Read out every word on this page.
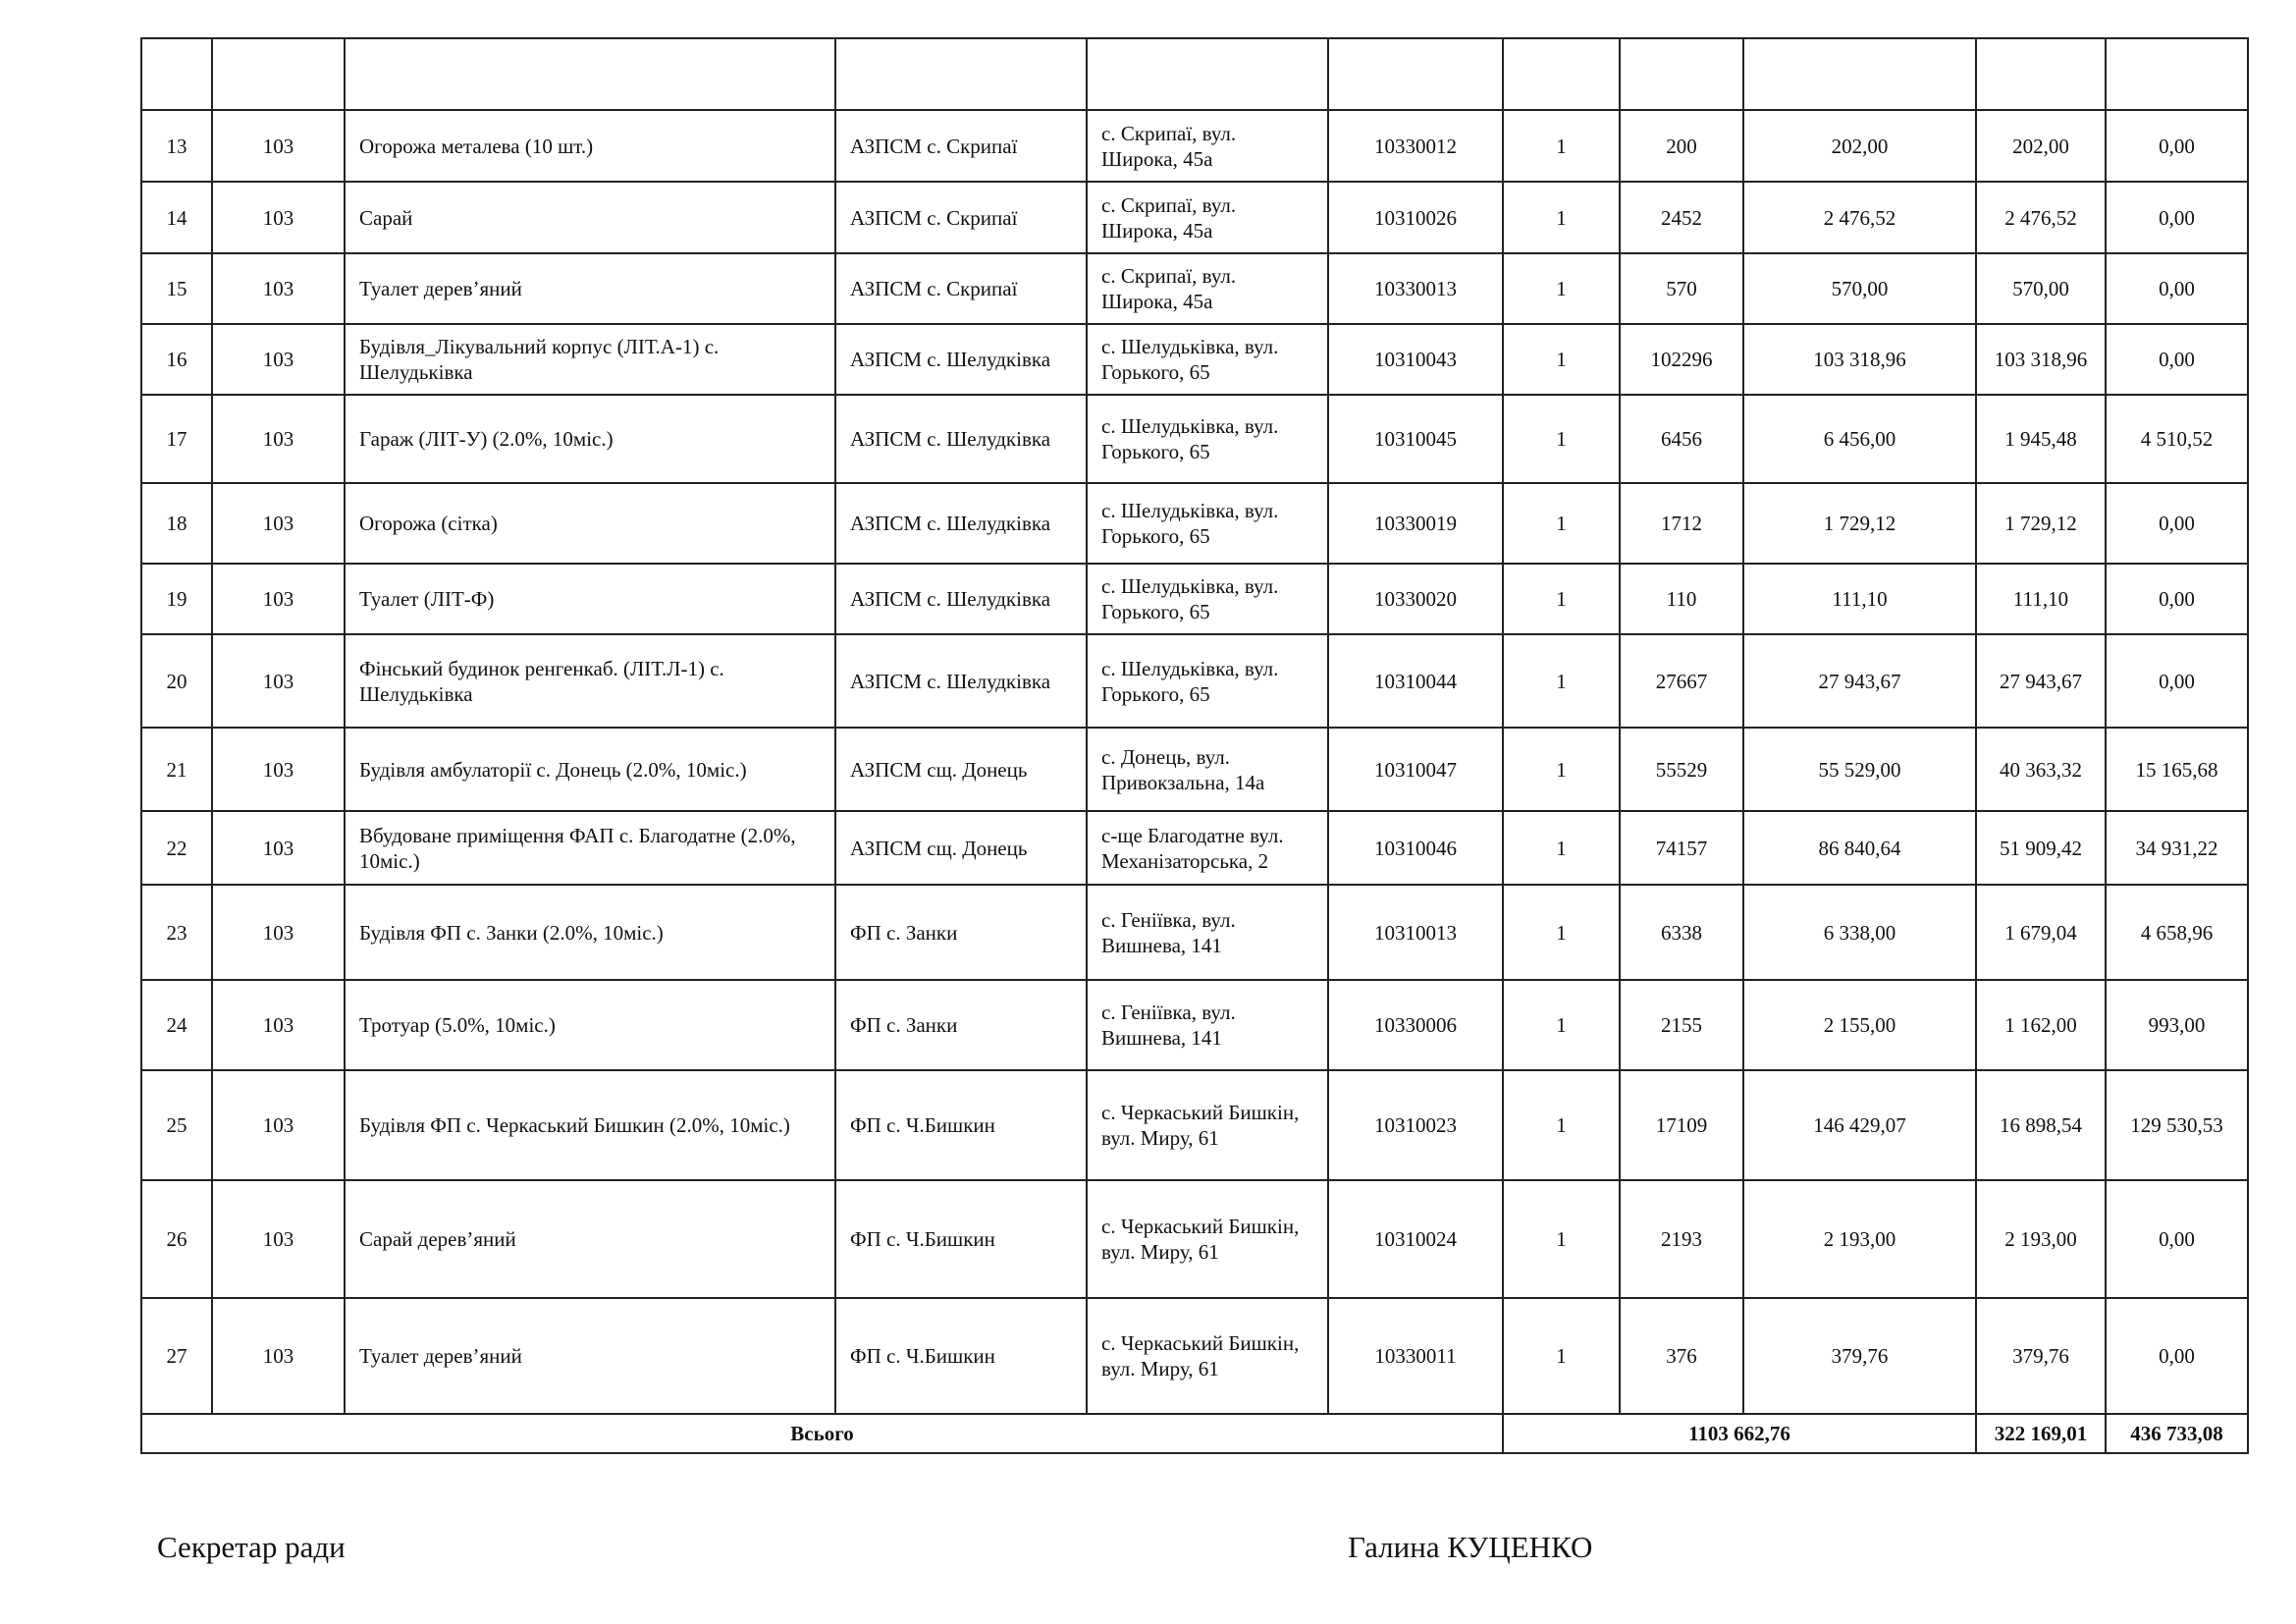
13	103	Огорожа металева (10 шт.)	АЗПСМ с. Скрипаї	с. Скрипаї, вул. Широка, 45а	10330012	1	200	202,00	202,00	0,00
14	103	Сарай	АЗПСМ с. Скрипаї	с. Скрипаї, вул. Широка, 45а	10310026	1	2452	2 476,52	2 476,52	0,00
15	103	Туалет дерев’яний	АЗПСМ с. Скрипаї	с. Скрипаї, вул. Широка, 45а	10330013	1	570	570,00	570,00	0,00
16	103	Будівля_Лікувальний корпус (ЛІТ.А-1) с. Шелудьківка	АЗПСМ с. Шелудківка	с. Шелудьківка, вул. Горького, 65	10310043	1	102296	103 318,96	103 318,96	0,00
17	103	Гараж (ЛІТ-У) (2.0%, 10міс.)	АЗПСМ с. Шелудківка	с. Шелудьківка, вул. Горького, 65	10310045	1	6456	6 456,00	1 945,48	4 510,52
18	103	Огорожа (сітка)	АЗПСМ с. Шелудківка	с. Шелудьківка, вул. Горького, 65	10330019	1	1712	1 729,12	1 729,12	0,00
19	103	Туалет (ЛІТ-Ф)	АЗПСМ с. Шелудківка	с. Шелудьківка, вул. Горького, 65	10330020	1	110	111,10	111,10	0,00
20	103	Фінський будинок ренгенкаб. (ЛІТ.Л-1) с. Шелудьківка	АЗПСМ с. Шелудківка	с. Шелудьківка, вул. Горького, 65	10310044	1	27667	27 943,67	27 943,67	0,00
21	103	Будівля амбулаторії с. Донець (2.0%, 10міс.)	АЗПСМ сщ. Донець	с. Донець, вул. Привокзальна, 14а	10310047	1	55529	55 529,00	40 363,32	15 165,68
22	103	Вбудоване приміщення ФАП с. Благодатне (2.0%, 10міс.)	АЗПСМ сщ. Донець	с-ще Благодатне вул. Механізаторська, 2	10310046	1	74157	86 840,64	51 909,42	34 931,22
23	103	Будівля ФП с. Занки (2.0%, 10міс.)	ФП с. Занки	с. Геніївка, вул. Вишнева, 141	10310013	1	6338	6 338,00	1 679,04	4 658,96
24	103	Тротуар (5.0%, 10міс.)	ФП с. Занки	с. Геніївка, вул. Вишнева, 141	10330006	1	2155	2 155,00	1 162,00	993,00
25	103	Будівля ФП с. Черкаський Бишкин (2.0%, 10міс.)	ФП с. Ч.Бишкин	с. Черкаський Бишкін, вул. Миру, 61	10310023	1	17109	146 429,07	16 898,54	129 530,53
26	103	Сарай дерев’яний	ФП с. Ч.Бишкин	с. Черкаський Бишкін, вул. Миру, 61	10310024	1	2193	2 193,00	2 193,00	0,00
27	103	Туалет дерев’яний	ФП с. Ч.Бишкин	с. Черкаський Бишкін, вул. Миру, 61	10330011	1	376	379,76	379,76	0,00
Всього						1103 662,76			322 169,01	436 733,08
Секретар ради	Галина КУЦЕНКО
